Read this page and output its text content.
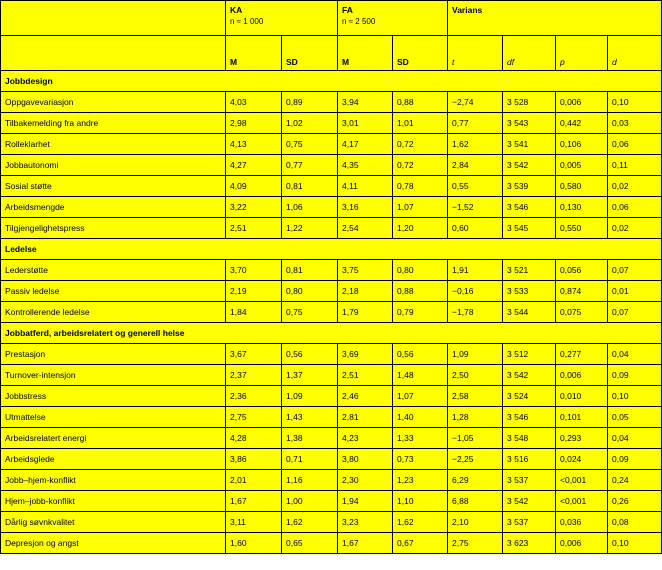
	KA
n ≈ 1 000		FA
n ≈ 2 500		Varians			
	M	SD	M	SD	t	df	p	d
Jobbdesign								
Oppgavevariasjon	4,03	0,89	3,94	0,88	−2,74	3 528	0,006	0,10
Tilbakemelding fra andre	2,98	1,02	3,01	1,01	0,77	3 543	0,442	0,03
Rolleklarhet	4,13	0,75	4,17	0,72	1,62	3 541	0,106	0,06
Jobbautonomi	4,27	0,77	4,35	0,72	2,84	3 542	0,005	0,11
Sosial støtte	4,09	0,81	4,11	0,78	0,55	3 539	0,580	0,02
Arbeidsmengde	3,22	1,06	3,16	1,07	−1,52	3 546	0,130	0,06
Tilgjengelighetspress	2,51	1,22	2,54	1,20	0,60	3 545	0,550	0,02
Ledelse								
Lederstøtte	3,70	0,81	3,75	0,80	1,91	3 521	0,056	0,07
Passiv ledelse	2,19	0,80	2,18	0,88	−0,16	3 533	0,874	0,01
Kontrollerende ledelse	1,84	0,75	1,79	0,79	−1,78	3 544	0,075	0,07
Jobbatferd, arbeidsrelatert og generell helse								
Prestasjon	3,67	0,56	3,69	0,56	1,09	3 512	0,277	0,04
Turnover-intensjon	2,37	1,37	2,51	1,48	2,50	3 542	0,006	0,09
Jobbstress	2,36	1,09	2,46	1,07	2,58	3 524	0,010	0,10
Utmattelse	2,75	1,43	2,81	1,40	1,28	3 546	0,101	0,05
Arbeidsrelatert energi	4,28	1,38	4,23	1,33	−1,05	3 548	0,293	0,04
Arbeidsglede	3,86	0,71	3,80	0,73	−2,25	3 516	0,024	0,09
Jobb–hjem-konflikt	2,01	1,16	2,30	1,23	6,29	3 537	<0,001	0,24
Hjem–jobb-konflikt	1,67	1,00	1,94	1,10	6,88	3 542	<0,001	0,26
Dårlig søvnkvalitet	3,11	1,62	3,23	1,62	2,10	3 537	0,036	0,08
Depresjon og angst	1,60	0,65	1,67	0,67	2,75	3 623	0,006	0,10
